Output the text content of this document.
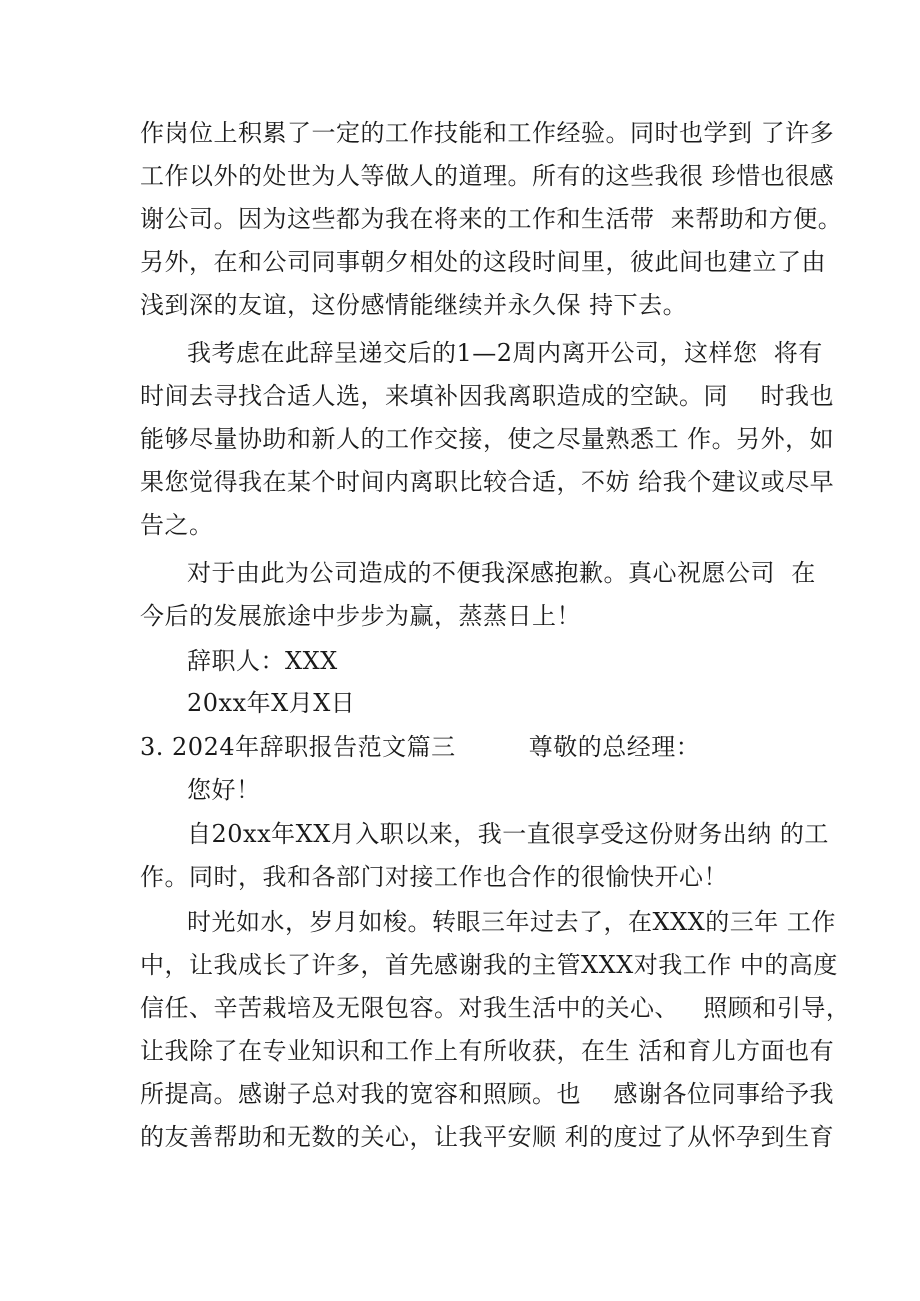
作岗位上积累了一定的工作技能和工作经验。同时也学到 了许多
工作以外的处世为人等做人的道理。所有的这些我很 珍惜也很感
谢公司。因为这些都为我在将来的工作和生活带  来帮助和方便。
另外，在和公司同事朝夕相处的这段时间里，彼此间也建立了由
浅到深的友谊，这份感情能继续并永久保 持下去。
我考虑在此辞呈递交后的1—2周内离开公司，这样您  将有
时间去寻找合适人选，来填补因我离职造成的空缺。同    时我也
能够尽量协助和新人的工作交接，使之尽量熟悉工 作。另外，如
果您觉得我在某个时间内离职比较合适，不妨 给我个建议或尽早
告之。
对于由此为公司造成的不便我深感抱歉。真心祝愿公司  在
今后的发展旅途中步步为赢，蒸蒸日上！
辞职人：XXX
20xx年X月X日
3. 2024年辞职报告范文篇三         尊敬的总经理：
您好！
自20xx年XX月入职以来，我一直很享受这份财务出纳 的工
作。同时，我和各部门对接工作也合作的很愉快开心！
时光如水，岁月如梭。转眼三年过去了，在XXX的三年 工作
中，让我成长了许多，首先感谢我的主管XXX对我工作 中的高度
信任、辛苦栽培及无限包容。对我生活中的关心、   照顾和引导，
让我除了在专业知识和工作上有所收获，在生 活和育儿方面也有
所提高。感谢子总对我的宽容和照顾。也    感谢各位同事给予我
的友善帮助和无数的关心，让我平安顺 利的度过了从怀孕到生育
